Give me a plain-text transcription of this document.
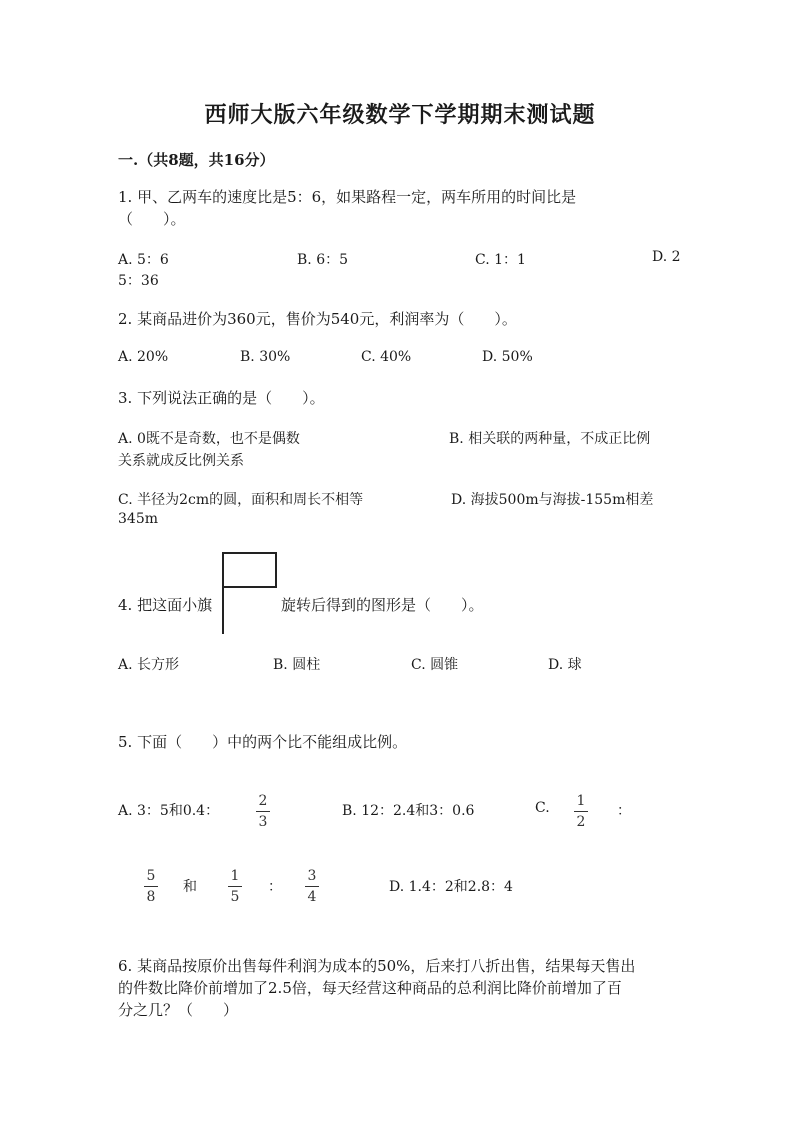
西师大版六年级数学下学期期末测试题
一.（共8题，共16分）
1. 甲、乙两车的速度比是5：6，如果路程一定，两车所用的时间比是
（　　）。
A. 5：6	B. 6：5	C. 1：1	D. 2
5：36
2. 某商品进价为360元，售价为540元，利润率为（　　）。
A. 20%	B. 30%	C. 40%	D. 50%
3. 下列说法正确的是（　　）。
A. 0既不是奇数，也不是偶数	B. 相关联的两种量，不成正比例
关系就成反比例关系
C. 半径为2cm的圆，面积和周长不相等	D. 海拔500m与海拔-155m相差
345m
4. 把这面小旗	旋转后得到的图形是（　　）。
A. 长方形	B. 圆柱	C. 圆锥	D. 球
5. 下面（　　）中的两个比不能组成比例。
A. 3：5和0.4：
2
3
B. 12：2.4和3：0.6	C. 1
2
：
5
8
和
1
5
：
3
4
D. 1.4：2和2.8：4
6. 某商品按原价出售每件利润为成本的50%，后来打八折出售，结果每天售出
的件数比降价前增加了2.5倍，每天经营这种商品的总利润比降价前增加了百
分之几？（　　）
